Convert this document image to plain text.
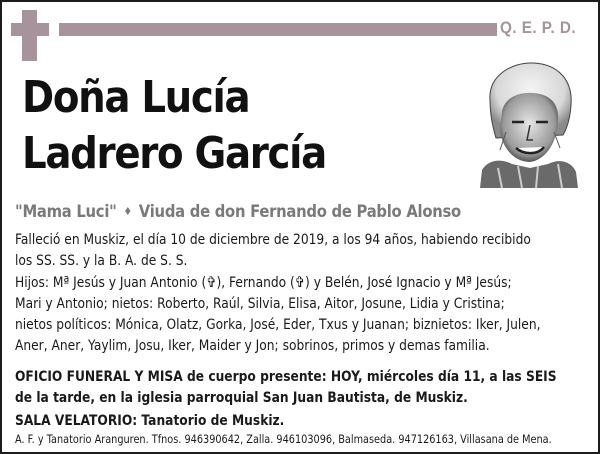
Q. E. P. D.
Doña Lucía
Ladrero García
"Mama Luci" ♦ Viuda de don Fernando de Pablo Alonso
Falleció en Muskiz, el día 10 de diciembre de 2019, a los 94 años, habiendo recibido
los SS. SS. y la B. A. de S. S.
Hijos: Mª Jesús y Juan Antonio (✞), Fernando (✞) y Belén, José Ignacio y Mª Jesús;
Mari y Antonio; nietos: Roberto, Raúl, Silvia, Elisa, Aitor, Josune, Lidia y Cristina;
nietos políticos: Mónica, Olatz, Gorka, José, Eder, Txus y Juanan; biznietos: Iker, Julen,
Aner, Aner, Yaylim, Josu, Iker, Maider y Jon; sobrinos, primos y demas familia.
OFICIO FUNERAL Y MISA de cuerpo presente: HOY, miércoles día 11, a las SEIS
de la tarde, en la iglesia parroquial San Juan Bautista, de Muskiz.
SALA VELATORIO: Tanatorio de Muskiz.
A. F. y Tanatorio Aranguren. Tfnos. 946390642, Zalla. 946103096, Balmaseda. 947126163, Villasana de Mena.
